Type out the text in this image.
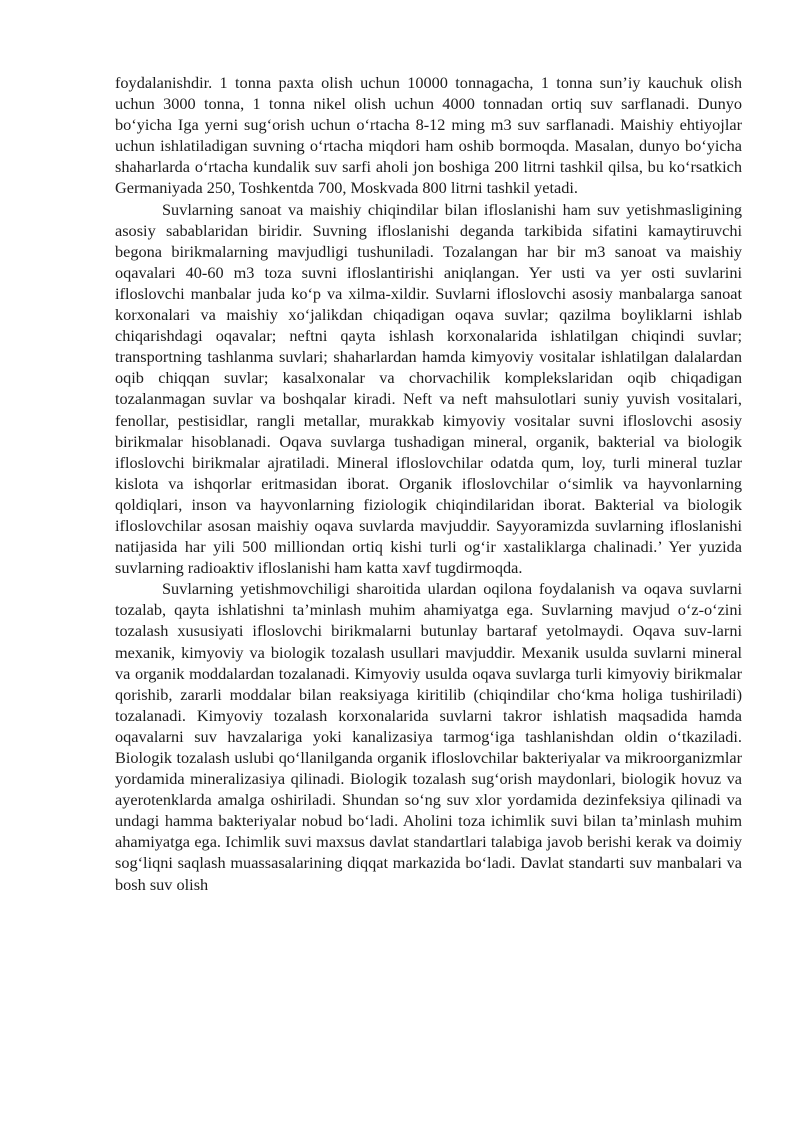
foydalanishdir. 1 tonna paxta olish uchun 10000 tonnagacha, 1 tonna sun’iy kauchuk olish uchun 3000 tonna, 1 tonna nikel olish uchun 4000 tonnadan ortiq suv sarflanadi. Dunyo bo‘yicha Iga yerni sug‘orish uchun o‘rtacha 8-12 ming m3 suv sarflanadi. Maishiy ehtiyojlar uchun ishlatiladigan suvning o‘rtacha miqdori ham oshib bormoqda. Masalan, dunyo bo‘yicha shaharlarda o‘rtacha kundalik suv sarfi aholi jon boshiga 200 litrni tashkil qilsa, bu ko‘rsatkich Germaniyada 250, Toshkentda 700, Moskvada 800 litrni tashkil yetadi.

Suvlarning sanoat va maishiy chiqindilar bilan ifloslanishi ham suv yetishmasligining asosiy sabablaridan biridir. Suvning ifloslanishi deganda tarkibida sifatini kamaytiruvchi begona birikmalarning mavjudligi tushuniladi. Tozalangan har bir m3 sanoat va maishiy oqavalari 40-60 m3 toza suvni ifloslantirishi aniqlangan. Yer usti va yer osti suvlarini ifloslovchi manbalar juda ko‘p va xilma-xildir. Suvlarni ifloslovchi asosiy manbalarga sanoat korxonalari va maishiy xo‘jalikdan chiqadigan oqava suvlar; qazilma boyliklarni ishlab chiqarishdagi oqavalar; neftni qayta ishlash korxonalarida ishlatilgan chiqindi suvlar; transportning tashlanma suvlari; shaharlardan hamda kimyoviy vositalar ishlatilgan dalalardan oqib chiqqan suvlar; kasalxonalar va chorvachilik komplekslaridan oqib chiqadigan tozalanmagan suvlar va boshqalar kiradi. Neft va neft mahsulotlari suniy yuvish vositalari, fenollar, pestisidlar, rangli metallar, murakkab kimyoviy vositalar suvni ifloslovchi asosiy birikmalar hisoblanadi. Oqava suvlarga tushadigan mineral, organik, bakterial va biologik ifloslovchi birikmalar ajratiladi. Mineral ifloslovchilar odatda qum, loy, turli mineral tuzlar kislota va ishqorlar eritmasidan iborat. Organik ifloslovchilar o‘simlik va hayvonlarning qoldiqlari, inson va hayvonlarning fiziologik chiqindilaridan iborat. Bakterial va biologik ifloslovchilar asosan maishiy oqava suvlarda mavjuddir. Sayyoramizda suvlarning ifloslanishi natijasida har yili 500 milliondan ortiq kishi turli og‘ir xastaliklarga chalinadi.’ Yer yuzida suvlarning radioaktiv ifloslanishi ham katta xavf tugdirmoqda.

Suvlarning yetishmovchiligi sharoitida ulardan oqilona foydalanish va oqava suvlarni tozalab, qayta ishlatishni ta’minlash muhim ahamiyatga ega. Suvlarning mavjud o‘z-o‘zini tozalash xususiyati ifloslovchi birikmalarni butunlay bartaraf yetolmaydi. Oqava suv-larni mexanik, kimyoviy va biologik tozalash usullari mavjuddir. Mexanik usulda suvlarni mineral va organik moddalardan tozalanadi. Kimyoviy usulda oqava suvlarga turli kimyoviy birikmalar qorishib, zararli moddalar bilan reaksiyaga kiritilib (chiqindilar cho‘kma holiga tushiriladi) tozalanadi. Kimyoviy tozalash korxonalarida suvlarni takror ishlatish maqsadida hamda oqavalarni suv havzalariga yoki kanalizasiya tarmog‘iga tashlanishdan oldin o‘tkaziladi. Biologik tozalash uslubi qo‘llanilganda organik ifloslovchilar bakteriyalar va mikroorganizmlar yordamida mineralizasiya qilinadi. Biologik tozalash sug‘orish maydonlari, biologik hovuz va ayerotenklarda amalga oshiriladi. Shundan so‘ng suv xlor yordamida dezinfeksiya qilinadi va undagi hamma bakteriyalar nobud bo‘ladi. Aholini toza ichimlik suvi bilan ta’minlash muhim ahamiyatga ega. Ichimlik suvi maxsus davlat standartlari talabiga javob berishi kerak va doimiy sog‘liqni saqlash muassasalarining diqqat markazida bo‘ladi. Davlat standarti suv manbalari va bosh suv olish
